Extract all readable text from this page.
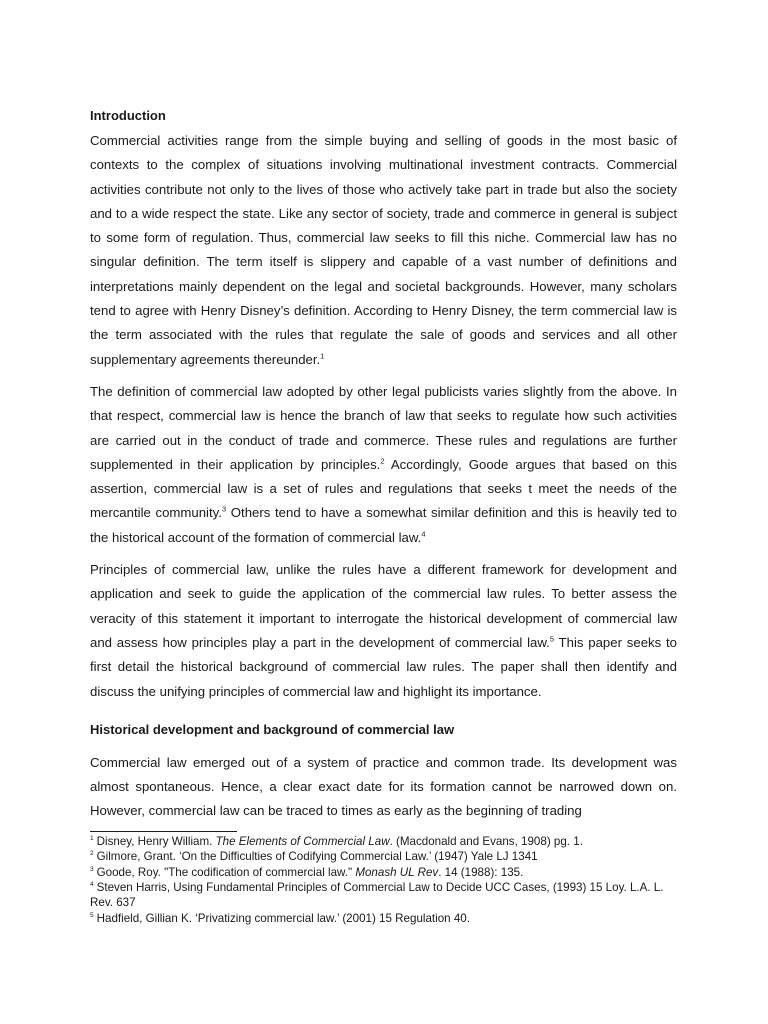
Introduction

Commercial activities range from the simple buying and selling of goods in the most basic of contexts to the complex of situations involving multinational investment contracts. Commercial activities contribute not only to the lives of those who actively take part in trade but also the society and to a wide respect the state. Like any sector of society, trade and commerce in general is subject to some form of regulation. Thus, commercial law seeks to fill this niche. Commercial law has no singular definition. The term itself is slippery and capable of a vast number of definitions and interpretations mainly dependent on the legal and societal backgrounds. However, many scholars tend to agree with Henry Disney’s definition. According to Henry Disney, the term commercial law is the term associated with the rules that regulate the sale of goods and services and all other supplementary agreements thereunder.$^1$

The definition of commercial law adopted by other legal publicists varies slightly from the above. In that respect, commercial law is hence the branch of law that seeks to regulate how such activities are carried out in the conduct of trade and commerce. These rules and regulations are further supplemented in their application by principles.$^2$ Accordingly, Goode argues that based on this assertion, commercial law is a set of rules and regulations that seeks t meet the needs of the mercantile community.$^3$ Others tend to have a somewhat similar definition and this is heavily ted to the historical account of the formation of commercial law.$^4$

Principles of commercial law, unlike the rules have a different framework for development and application and seek to guide the application of the commercial law rules. To better assess the veracity of this statement it important to interrogate the historical development of commercial law and assess how principles play a part in the development of commercial law.$^5$ This paper seeks to first detail the historical background of commercial law rules. The paper shall then identify and discuss the unifying principles of commercial law and highlight its importance.

Historical development and background of commercial law

Commercial law emerged out of a system of practice and common trade. Its development was almost spontaneous. Hence, a clear exact date for its formation cannot be narrowed down on. However, commercial law can be traced to times as early as the beginning of trading

$^1$ Disney, Henry William. The Elements of Commercial Law. (Macdonald and Evans, 1908) pg. 1.

$^2$ Gilmore, Grant. ‘On the Difficulties of Codifying Commercial Law.’ (1947) Yale LJ 1341

$^3$ Goode, Roy. "The codification of commercial law." Monash UL Rev. 14 (1988): 135.

$^4$ Steven Harris, Using Fundamental Principles of Commercial Law to Decide UCC Cases, (1993) 15 Loy. L.A. L. Rev. 637

$^5$ Hadfield, Gillian K. ‘Privatizing commercial law.’ (2001) 15 Regulation 40.
